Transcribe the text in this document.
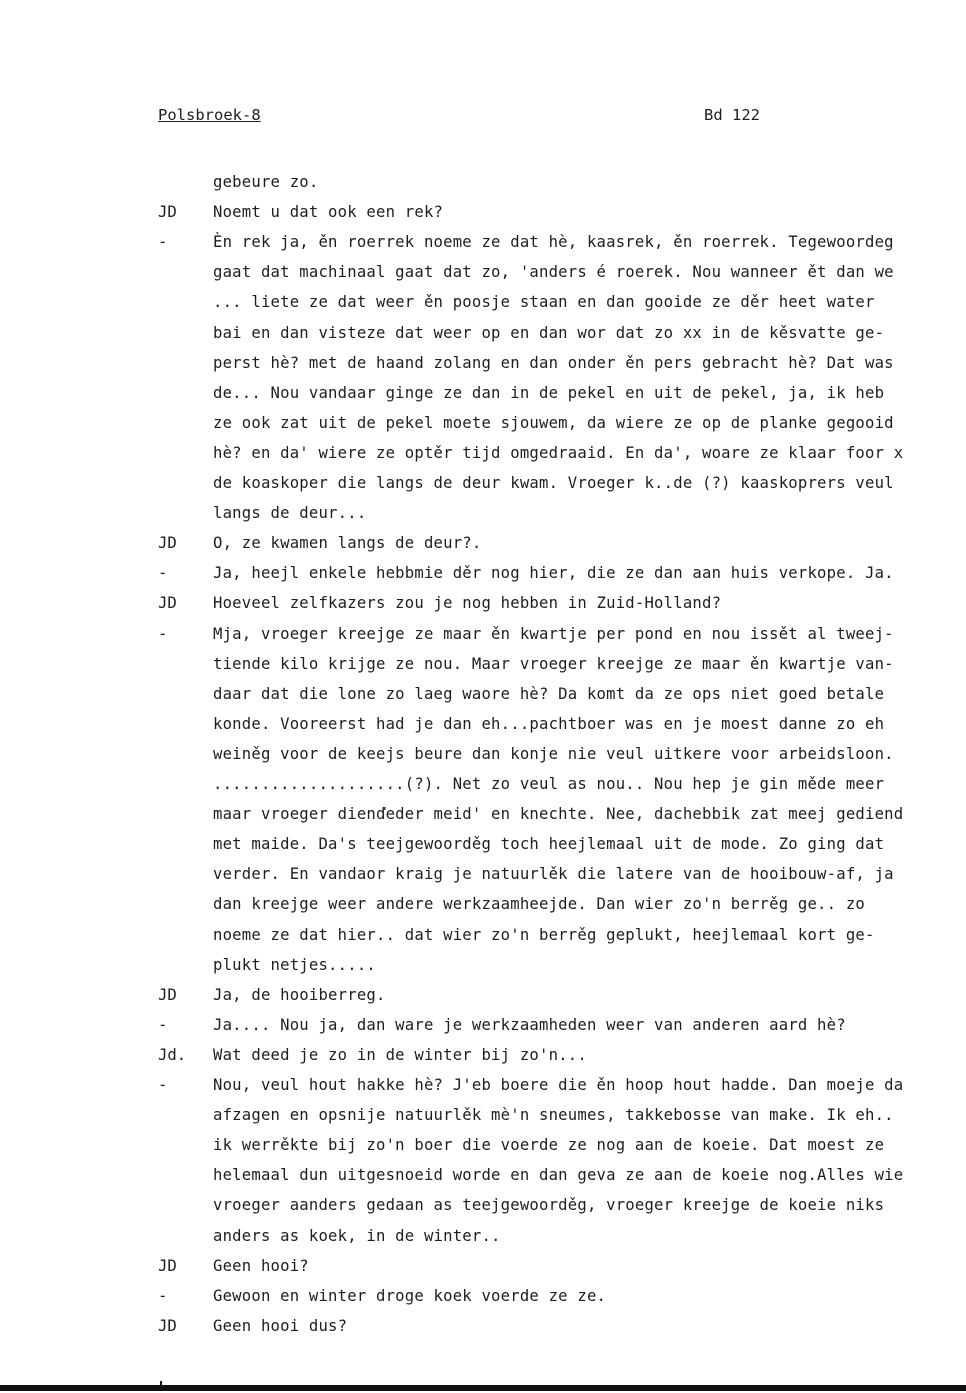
Polsbroek-8	Bd 122
gebeure zo.
JD Noemt u dat ook een rek?
-	Èn rek ja, ěn roerrek noeme ze dat hè, kaasrek, ěn roerrek. Tegewoordeg
gaat dat machinaal gaat dat zo, 'anders é roerek. Nou wanneer ět dan we
... liete ze dat weer ěn poosje staan en dan gooide ze děr heet water
bai en dan visteze dat weer op en dan wor dat zo xx in de kěsvatte ge-
perst hè? met de haand zolang en dan onder ěn pers gebracht hè? Dat was
de... Nou vandaar ginge ze dan in de pekel en uit de pekel, ja, ik heb
ze ook zat uit de pekel moete sjouwem, da wiere ze op de planke gegooid
hè? en da' wiere ze optěr tijd omgedraaid. En da', woare ze klaar foor x
de koaskoper die langs de deur kwam. Vroeger k..de (?) kaaskoprers veul
langs de deur...
JD O, ze kwamen langs de deur?.
-	Ja, heejl enkele hebbmie děr nog hier, die ze dan aan huis verkope. Ja.
JD Hoeveel zelfkazers zou je nog hebben in Zuid-Holland?
-	Mja, vroeger kreejge ze maar ěn kwartje per pond en nou issět al tweej-
tiende kilo krijge ze nou. Maar vroeger kreejge ze maar ěn kwartje van-
daar dat die lone zo laeg waore hè? Da komt da ze ops niet goed betale
konde. Vooreerst had je dan eh...pachtboer was en je moest danne zo eh
weiněg voor de keejs beure dan konje nie veul uitkere voor arbeidsloon.
....................(?). Net zo veul as nou.. Nou hep je gin měde meer
maar vroeger dienďeder meid' en knechte. Nee, dachebbik zat meej gediend
met maide. Da's teejgewoorděg toch heejlemaal uit de mode. Zo ging dat
verder. En vandaor kraig je natuurlěk die latere van de hooibouw-af, ja
dan kreejge weer andere werkzaamheejde. Dan wier zo'n berrěg ge.. zo
noeme ze dat hier.. dat wier zo'n berrěg geplukt, heejlemaal kort ge-
plukt netjes.....
JD Ja, de hooiberreg.
-	Ja.... Nou ja, dan ware je werkzaamheden weer van anderen aard hè?
Jd. Wat deed je zo in de winter bij zo'n...
-	Nou, veul hout hakke hè? J'eb boere die ěn hoop hout hadde. Dan moeje da
afzagen en opsnije natuurlěk mè'n sneumes, takkebosse van make. Ik eh..
ik werrěkte bij zo'n boer die voerde ze nog aan de koeie. Dat moest ze
helemaal dun uitgesnoeid worde en dan geva ze aan de koeie nog.Alles wie
vroeger aanders gedaan as teejgewoorděg, vroeger kreejge de koeie niks
anders as koek, in de winter..
JD Geen hooi?
-	Gewoon en winter droge koek voerde ze ze.
JD Geen hooi dus?
